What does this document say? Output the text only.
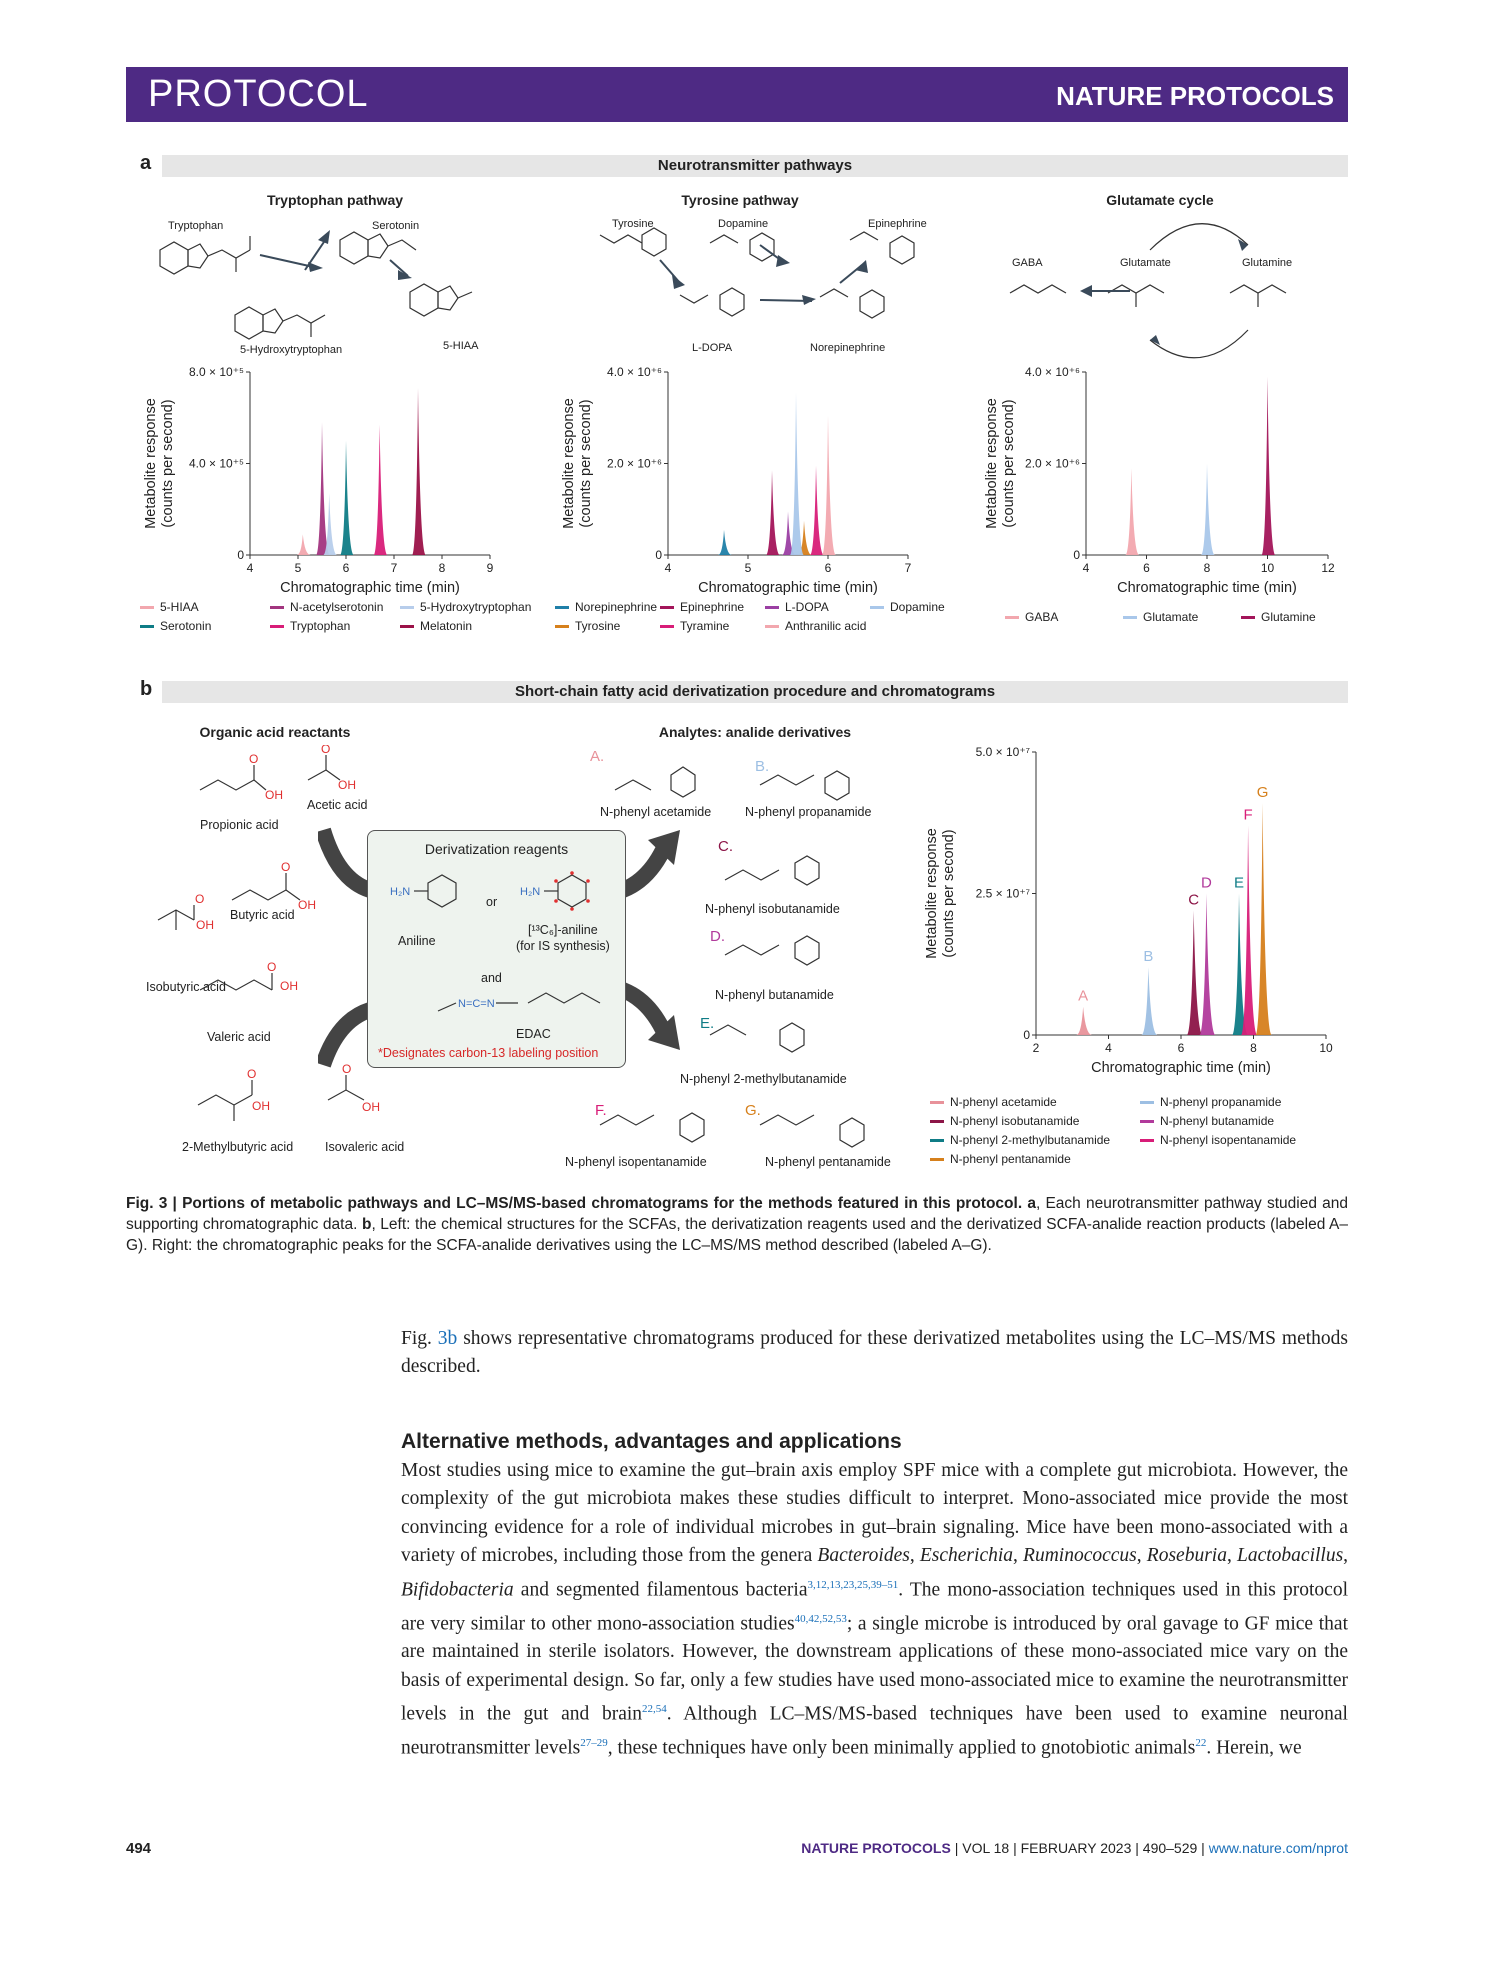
PROTOCOL	NATURE PROTOCOLS
a	Neurotransmitter pathways
Tryptophan pathway	Tyrosine pathway	Glutamate cycle
Tryptophan	Serotonin
5-Hydroxytryptophan	5-HIAA
Tyrosine	Dopamine	Epinephrine
L-DOPA	Norepinephrine
GABA	Glutamate	Glutamine
4	5	6	7	8	9
0
4.0 × 10⁺⁵
8.0 × 10⁺⁵
Chromatographic time (min)
Metabolite response(counts per second)
4	5	6	7
0
2.0 × 10⁺⁶
4.0 × 10⁺⁶
Chromatographic time (min)
Metabolite response(counts per second)
4	6	8	10	12
0
2.0 × 10⁺⁶
4.0 × 10⁺⁶
Chromatographic time (min)
Metabolite response(counts per second)
2	4	6	8	10
0
2.5 × 10⁺⁷
5.0 × 10⁺⁷
Chromatographic time (min)
Metabolite response(counts per second)
A
B
C
D E
F
G
5-HIAA	N-acetylserotonin	5-Hydroxytryptophan
Serotonin	Tryptophan	Melatonin
Norepinephrine	Epinephrine	L-DOPA	Dopamine
Tyrosine	Tyramine	Anthranilic acid
GABA	Glutamate	Glutamine
b	Short-chain fatty acid derivatization procedure and chromatograms
Organic acid reactants	Analytes: analide derivatives
O
OH
O
OH
O
OH
O
OH
O
OH
O
OH
O
OH
Propionic acid
Acetic acid
Butyric acid
Isobutyric acid
Valeric acid
2-Methylbutyric acid	Isovaleric acid
Derivatization reagents
H₂N	H₂N
N=C=N
Aniline
or
[¹³C₆]-aniline
(for IS synthesis)
and
EDAC
*Designates carbon-13 labeling position
A.
N-phenyl acetamide
B.
N-phenyl propanamide
C.
N-phenyl isobutanamide
D.
N-phenyl butanamide
E.
N-phenyl 2-methylbutanamide
F.
N-phenyl isopentanamide
G.
N-phenyl pentanamide
N-phenyl acetamide	N-phenyl propanamide
N-phenyl isobutanamide	N-phenyl butanamide
N-phenyl 2-methylbutanamide	N-phenyl isopentanamide
N-phenyl pentanamide
Fig. 3 | Portions of metabolic pathways and LC–MS/MS-based chromatograms for the methods featured in this protocol. a, Each neurotransmitter pathway studied and supporting chromatographic data. b, Left: the chemical structures for the SCFAs, the derivatization reagents used and the derivatized SCFA-analide reaction products (labeled A–G). Right: the chromatographic peaks for the SCFA-analide derivatives using the LC–MS/MS method described (labeled A–G).
Fig. 3b shows representative chromatograms produced for these derivatized metabolites using the LC–MS/MS methods described.
Alternative methods, advantages and applications
Most studies using mice to examine the gut–brain axis employ SPF mice with a complete gut microbiota. However, the complexity of the gut microbiota makes these studies difficult to interpret. Mono-associated mice provide the most convincing evidence for a role of individual microbes in gut–brain signaling. Mice have been mono-associated with a variety of microbes, including those from the genera Bacteroides, Escherichia, Ruminococcus, Roseburia, Lactobacillus, Bifidobacteria and segmented filamentous bacteria$^{3,12,13,23,25,39-51}$. The mono-association techniques used in this protocol are very similar to other mono-association studies$^{40,42,52,53}$; a single microbe is introduced by oral gavage to GF mice that are maintained in sterile isolators. However, the downstream applications of these mono-associated mice vary on the basis of experimental design. So far, only a few studies have used mono-associated mice to examine the neurotransmitter levels in the gut and brain$^{22,54}$. Although LC–MS/MS-based techniques have been used to examine neuronal neurotransmitter levels$^{27-29}$, these techniques have only been minimally applied to gnotobiotic animals$^{22}$. Herein, we
494	NATURE PROTOCOLS | VOL 18 | FEBRUARY 2023 | 490–529 | www.nature.com/nprot
